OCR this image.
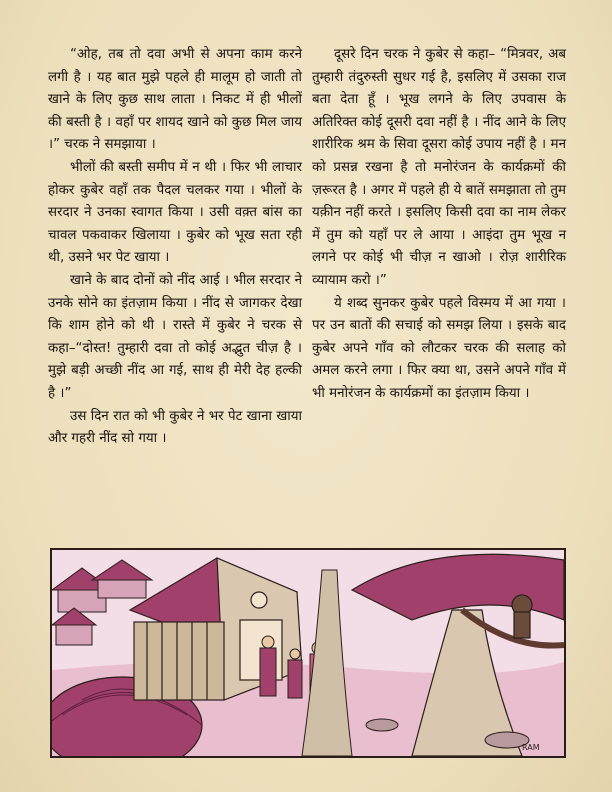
“ओह, तब तो दवा अभी से अपना काम करने लगी है । यह बात मुझे पहले ही मालूम हो जाती तो खाने के लिए कुछ साथ लाता । निकट में ही भीलों की बस्ती है । वहाँ पर शायद खाने को कुछ मिल जाय ।” चरक ने समझाया ।

भीलों की बस्ती समीप में न थी । फिर भी लाचार होकर कुबेर वहाँ तक पैदल चलकर गया । भीलों के सरदार ने उनका स्वागत किया । उसी वक़्त बांस का चावल पकवाकर खिलाया । कुबेर को भूख सता रही थी, उसने भर पेट खाया ।

खाने के बाद दोनों को नींद आई । भील सरदार ने उनके सोने का इंतज़ाम किया । नींद से जागकर देखा कि शाम होने को थी । रास्ते में कुबेर ने चरक से कहा–“दोस्त! तुम्हारी दवा तो कोई अद्भुत चीज़ है । मुझे बड़ी अच्छी नींद आ गई, साथ ही मेरी देह हल्की है ।”

उस दिन रात को भी कुबेर ने भर पेट खाना खाया और गहरी नींद सो गया ।

दूसरे दिन चरक ने कुबेर से कहा– “मित्रवर, अब तुम्हारी तंदुरुस्ती सुधर गई है, इसलिए में उसका राज बता देता हूँ । भूख लगने के लिए उपवास के अतिरिक्त कोई दूसरी दवा नहीं है । नींद आने के लिए शारीरिक श्रम के सिवा दूसरा कोई उपाय नहीं है । मन को प्रसन्न रखना है तो मनोरंजन के कार्यक्रमों की ज़रूरत है । अगर में पहले ही ये बातें समझाता तो तुम यक़ीन नहीं करते । इसलिए किसी दवा का नाम लेकर में तुम को यहाँ पर ले आया । आइंदा तुम भूख न लगने पर कोई भी चीज़ न खाओ । रोज़ शारीरिक व्यायाम करो ।”

ये शब्द सुनकर कुबेर पहले विस्मय में आ गया । पर उन बातों की सचाई को समझ लिया । इसके बाद कुबेर अपने गाँव को लौटकर चरक की सलाह को अमल करने लगा । फिर क्या था, उसने अपने गाँव में भी मनोरंजन के कार्यक्रमों का इंतज़ाम किया ।

RAM
